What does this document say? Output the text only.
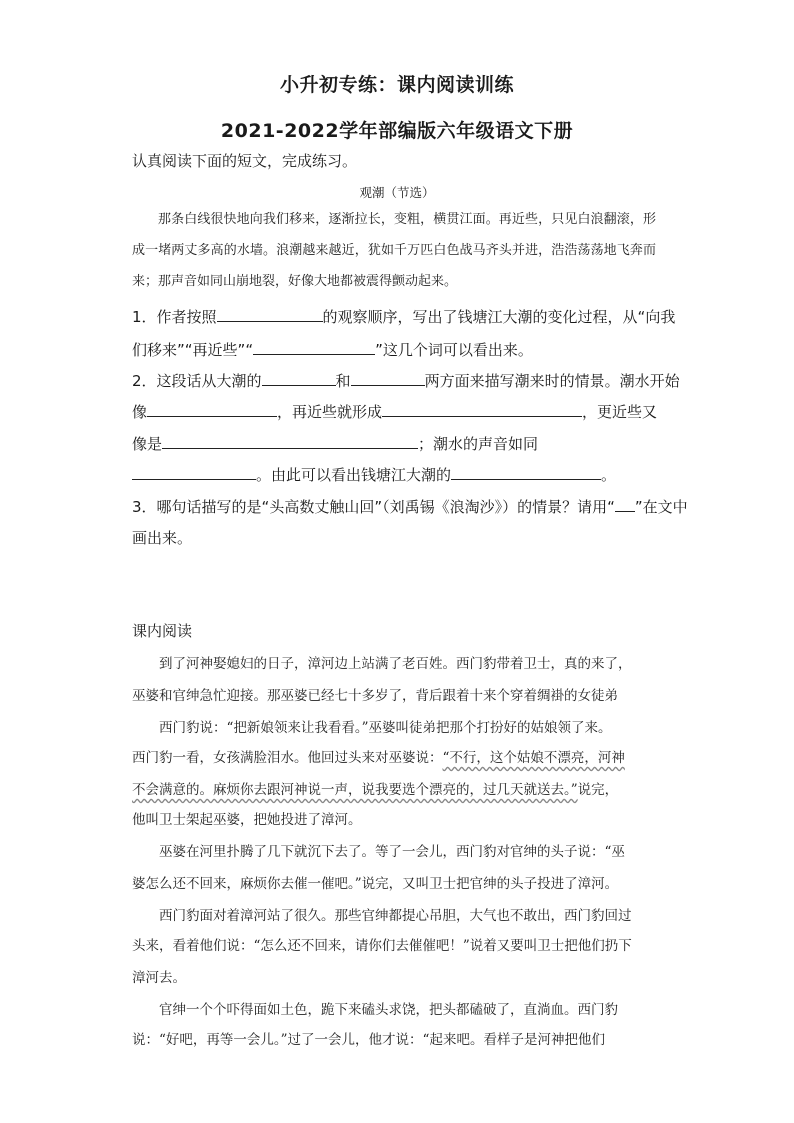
小升初专练：课内阅读训练
2021-2022学年部编版六年级语文下册
认真阅读下面的短文，完成练习。
观潮（节选）
那条白线很快地向我们移来，逐渐拉长，变粗，横贯江面。再近些，只见白浪翻滚，形成一堵两丈多高的水墙。浪潮越来越近，犹如千万匹白色战马齐头并进，浩浩荡荡地飞奔而来；那声音如同山崩地裂，好像大地都被震得颤动起来。
1．作者按照	的观察顺序，写出了钱塘江大潮的变化过程，从“向我
们移来”“再近些”“	”这几个词可以看出来。
2．这段话从大潮的	和	两方面来描写潮来时的情景。潮水开始
像	，再近些就形成	，更近些又
像是	；潮水的声音如同
。由此可以看出钱塘江大潮的	。
3．哪句话描写的是“头高数丈触山回”（刘禹锡《浪淘沙》）的情景？请用“ ”在文中
画出来。
课内阅读
到了河神娶媳妇的日子，漳河边上站满了老百姓。西门豹带着卫士，真的来了，
巫婆和官绅急忙迎接。那巫婆已经七十多岁了，背后跟着十来个穿着绸褂的女徒弟
西门豹说：“把新娘领来让我看看。”巫婆叫徒弟把那个打扮好的姑娘领了来。
西门豹一看，女孩满脸泪水。他回过头来对巫婆说：“不行，这个姑娘不漂亮，河神
不会满意的。麻烦你去跟河神说一声，说我要选个漂亮的，过几天就送去。”说完，
他叫卫士架起巫婆，把她投进了漳河。
巫婆在河里扑腾了几下就沉下去了。等了一会儿，西门豹对官绅的头子说：“巫
婆怎么还不回来，麻烦你去催一催吧。”说完，又叫卫士把官绅的头子投进了漳河。
西门豹面对着漳河站了很久。那些官绅都提心吊胆，大气也不敢出，西门豹回过
头来，看着他们说：“怎么还不回来，请你们去催催吧！”说着又要叫卫士把他们扔下
漳河去。
官绅一个个吓得面如土色，跪下来磕头求饶，把头都磕破了，直淌血。西门豹
说：“好吧，再等一会儿。”过了一会儿，他才说：“起来吧。看样子是河神把他们
